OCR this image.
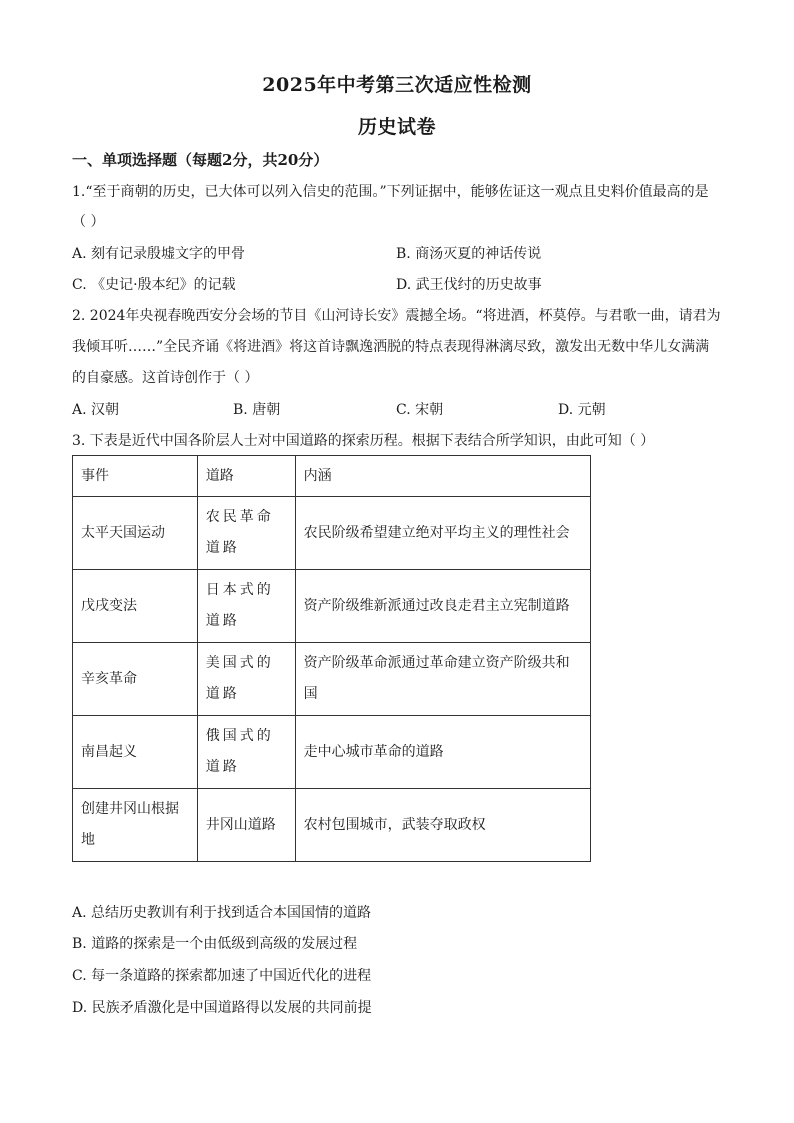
2025年中考第三次适应性检测
历史试卷
一、单项选择题（每题2分，共20分）
1.“至于商朝的历史，已大体可以列入信史的范围。”下列证据中，能够佐证这一观点且史料价值最高的是
（ ）
A. 刻有记录殷墟文字的甲骨	B. 商汤灭夏的神话传说
C. 《史记·殷本纪》的记载	D. 武王伐纣的历史故事
2. 2024年央视春晚西安分会场的节目《山河诗长安》震撼全场。“将进酒，杯莫停。与君歌一曲，请君为
我倾耳听……”全民齐诵《将进酒》将这首诗飘逸洒脱的特点表现得淋漓尽致，激发出无数中华儿女满满
的自豪感。这首诗创作于（ ）
A. 汉朝	B. 唐朝	C. 宋朝	D. 元朝
3. 下表是近代中国各阶层人士对中国道路的探索历程。根据下表结合所学知识，由此可知（ ）
事件	道路	内涵
太平天国运动	农民革命道路	农民阶级希望建立绝对平均主义的理性社会
戊戌变法	日本式的道路	资产阶级维新派通过改良走君主立宪制道路
辛亥革命	美国式的道路	资产阶级革命派通过革命建立资产阶级共和国
南昌起义	俄国式的道路	走中心城市革命的道路
创建井冈山根据地	井冈山道路	农村包围城市，武装夺取政权
A. 总结历史教训有利于找到适合本国国情的道路
B. 道路的探索是一个由低级到高级的发展过程
C. 每一条道路的探索都加速了中国近代化的进程
D. 民族矛盾激化是中国道路得以发展的共同前提
